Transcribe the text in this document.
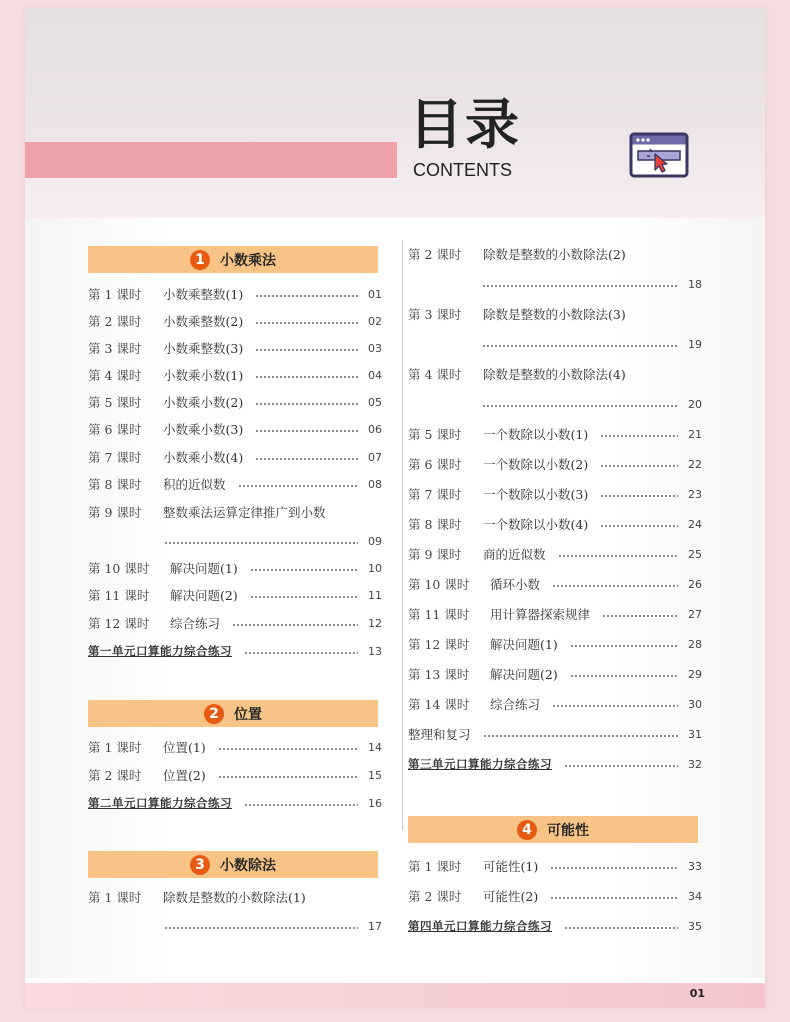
目录
CONTENTS
1	小数乘法
第 1 课时	小数乘整数(1)	01
第 2 课时	小数乘整数(2)	02
第 3 课时	小数乘整数(3)	03
第 4 课时	小数乘小数(1)	04
第 5 课时	小数乘小数(2)	05
第 6 课时	小数乘小数(3)	06
第 7 课时	小数乘小数(4)	07
第 8 课时	积的近似数	08
第 9 课时	整数乘法运算定律推广到小数
09
第 10 课时	解决问题(1)	10
第 11 课时	解决问题(2)	11
第 12 课时	综合练习	12
第一单元口算能力综合练习	13
2	位置
第 1 课时	位置(1)	14
第 2 课时	位置(2)	15
第二单元口算能力综合练习	16
3	小数除法
第 1 课时	除数是整数的小数除法(1)
17
第 2 课时	除数是整数的小数除法(2)
18
第 3 课时	除数是整数的小数除法(3)
19
第 4 课时	除数是整数的小数除法(4)
20
第 5 课时	一个数除以小数(1)	21
第 6 课时	一个数除以小数(2)	22
第 7 课时	一个数除以小数(3)	23
第 8 课时	一个数除以小数(4)	24
第 9 课时	商的近似数	25
第 10 课时	循环小数	26
第 11 课时	用计算器探索规律	27
第 12 课时	解决问题(1)	28
第 13 课时	解决问题(2)	29
第 14 课时	综合练习	30
整理和复习	31
第三单元口算能力综合练习	32
4	可能性
第 1 课时	可能性(1)	33
第 2 课时	可能性(2)	34
第四单元口算能力综合练习	35
01
